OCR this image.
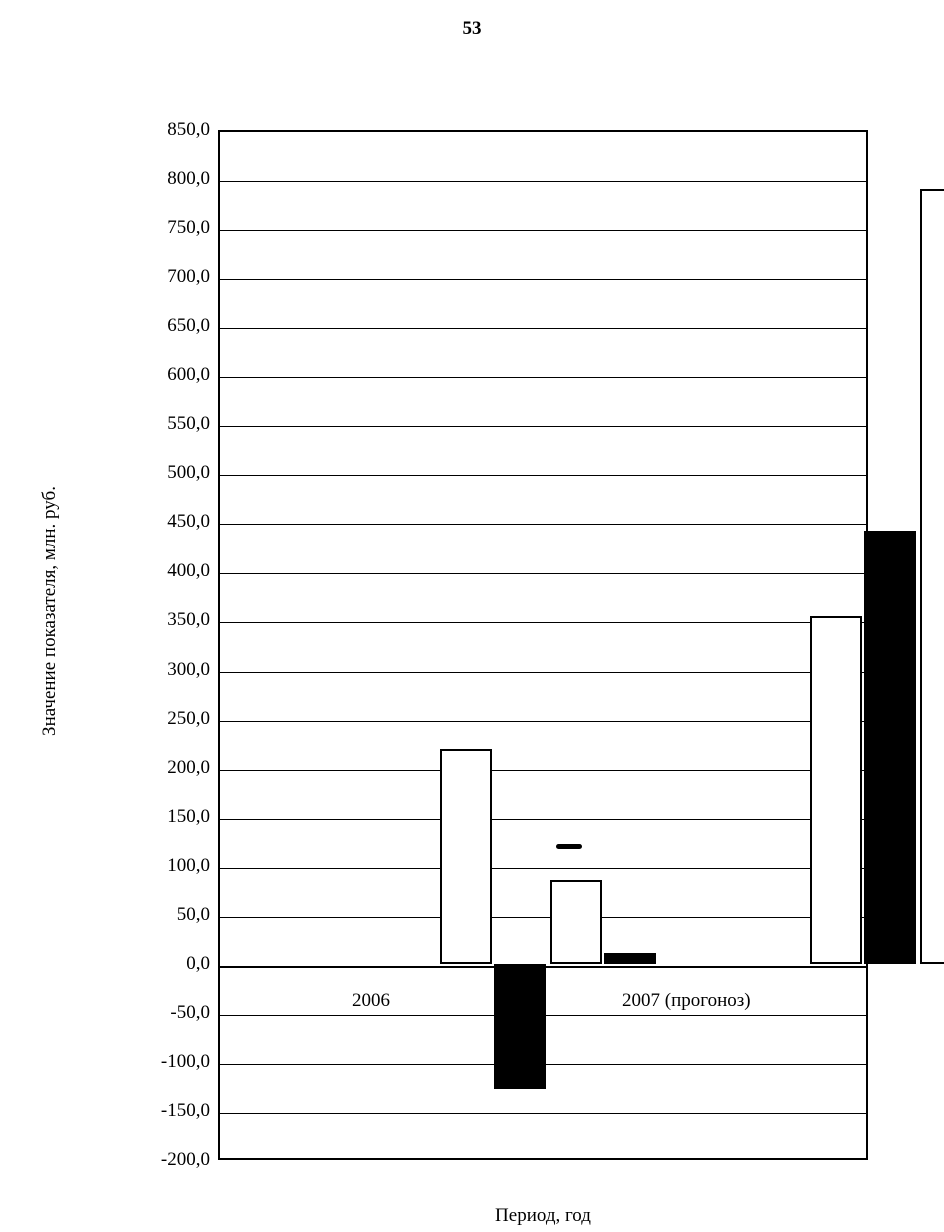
53
850,0
800,0
750,0
700,0
650,0
600,0
550,0
500,0
450,0
400,0
350,0
300,0
250,0
200,0
150,0
100,0
50,0
0,0
-50,0
-100,0
-150,0
-200,0
Значение показателя, млн. руб.
Период, год
2006	2007 (прогоноз)
